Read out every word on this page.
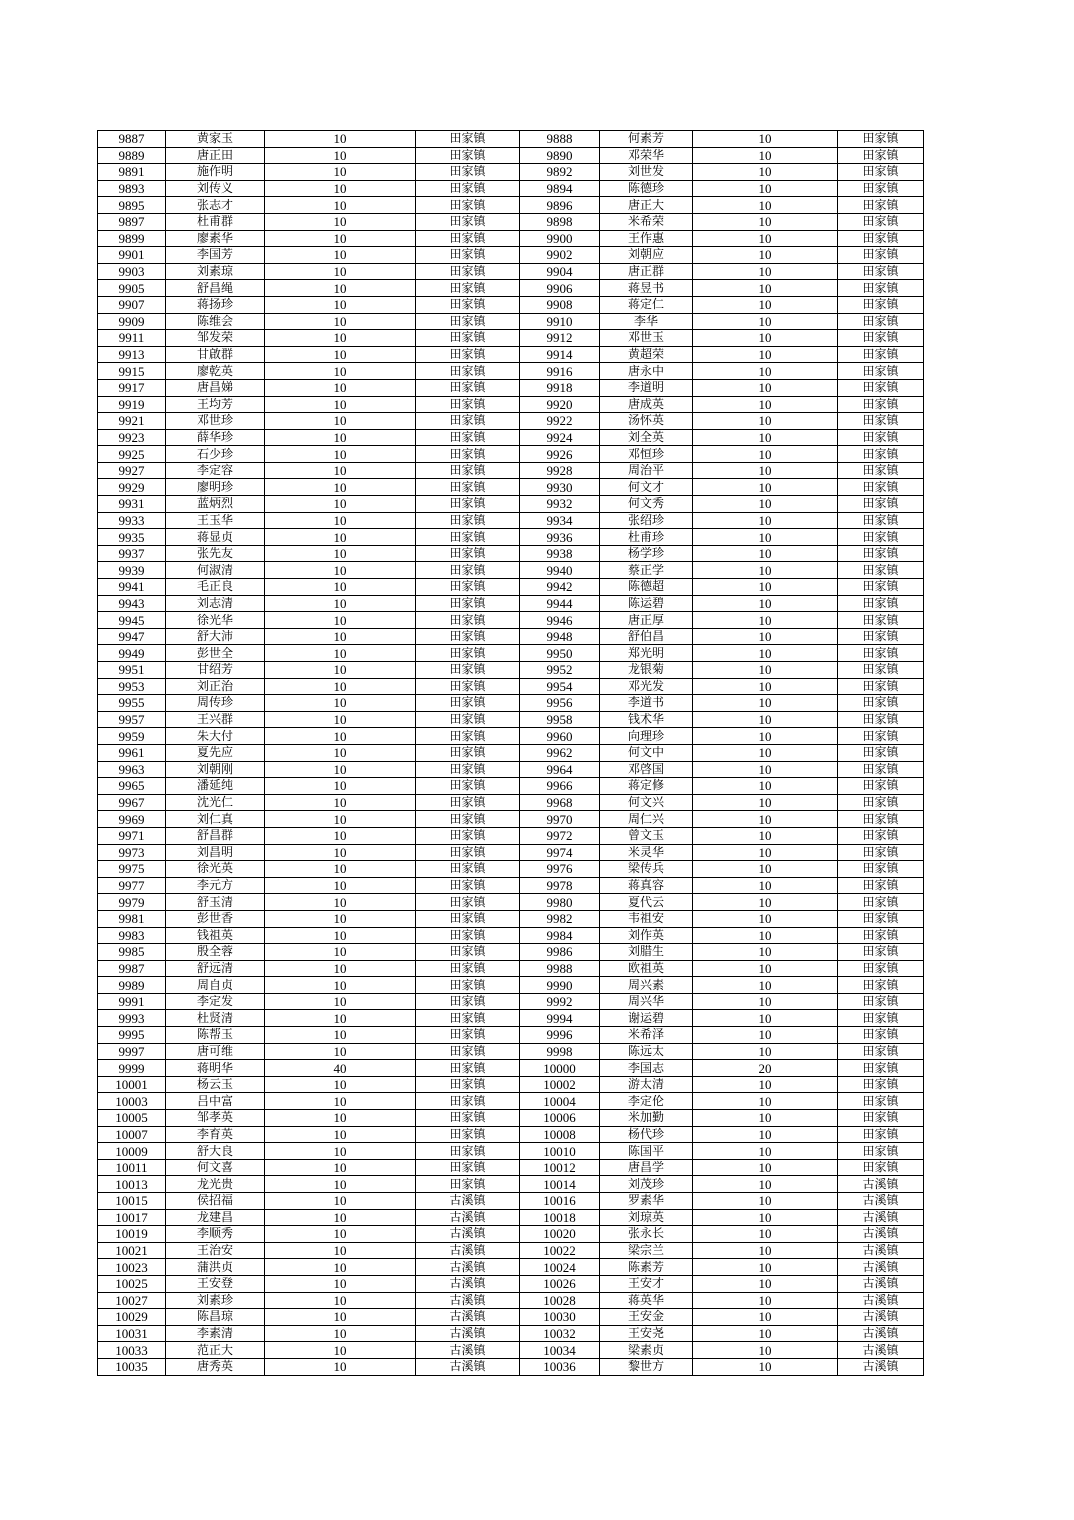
9887	黄家玉	10	田家镇	9888	何素芳	10	田家镇
9889	唐正田	10	田家镇	9890	邓荣华	10	田家镇
9891	施作明	10	田家镇	9892	刘世发	10	田家镇
9893	刘传义	10	田家镇	9894	陈德珍	10	田家镇
9895	张志才	10	田家镇	9896	唐正大	10	田家镇
9897	杜甫群	10	田家镇	9898	米希荣	10	田家镇
9899	廖素华	10	田家镇	9900	王作惠	10	田家镇
9901	李国芳	10	田家镇	9902	刘朝应	10	田家镇
9903	刘素琼	10	田家镇	9904	唐正群	10	田家镇
9905	舒昌绳	10	田家镇	9906	蒋昱书	10	田家镇
9907	蒋扬珍	10	田家镇	9908	蒋定仁	10	田家镇
9909	陈维会	10	田家镇	9910	李华	10	田家镇
9911	邹发荣	10	田家镇	9912	邓世玉	10	田家镇
9913	甘啟群	10	田家镇	9914	黄超荣	10	田家镇
9915	廖乾英	10	田家镇	9916	唐永中	10	田家镇
9917	唐昌娣	10	田家镇	9918	李道明	10	田家镇
9919	王均芳	10	田家镇	9920	唐成英	10	田家镇
9921	邓世珍	10	田家镇	9922	汤怀英	10	田家镇
9923	薛华珍	10	田家镇	9924	刘全英	10	田家镇
9925	石少珍	10	田家镇	9926	邓恒珍	10	田家镇
9927	李定容	10	田家镇	9928	周治平	10	田家镇
9929	廖明珍	10	田家镇	9930	何文才	10	田家镇
9931	蓝炳烈	10	田家镇	9932	何文秀	10	田家镇
9933	王玉华	10	田家镇	9934	张绍珍	10	田家镇
9935	蒋显贞	10	田家镇	9936	杜甫珍	10	田家镇
9937	张先友	10	田家镇	9938	杨学珍	10	田家镇
9939	何淑清	10	田家镇	9940	蔡正学	10	田家镇
9941	毛正良	10	田家镇	9942	陈德超	10	田家镇
9943	刘志清	10	田家镇	9944	陈运碧	10	田家镇
9945	徐光华	10	田家镇	9946	唐正厚	10	田家镇
9947	舒大沛	10	田家镇	9948	舒伯昌	10	田家镇
9949	彭世全	10	田家镇	9950	郑光明	10	田家镇
9951	甘绍芳	10	田家镇	9952	龙银菊	10	田家镇
9953	刘正治	10	田家镇	9954	邓光发	10	田家镇
9955	周传珍	10	田家镇	9956	李道书	10	田家镇
9957	王兴群	10	田家镇	9958	钱术华	10	田家镇
9959	朱大付	10	田家镇	9960	向理珍	10	田家镇
9961	夏先应	10	田家镇	9962	何文中	10	田家镇
9963	刘朝刚	10	田家镇	9964	邓啓国	10	田家镇
9965	潘延纯	10	田家镇	9966	蒋定修	10	田家镇
9967	沈光仁	10	田家镇	9968	何文兴	10	田家镇
9969	刘仁真	10	田家镇	9970	周仁兴	10	田家镇
9971	舒昌群	10	田家镇	9972	曾文玉	10	田家镇
9973	刘昌明	10	田家镇	9974	米灵华	10	田家镇
9975	徐光英	10	田家镇	9976	梁传兵	10	田家镇
9977	李元方	10	田家镇	9978	蒋真容	10	田家镇
9979	舒玉清	10	田家镇	9980	夏代云	10	田家镇
9981	彭世香	10	田家镇	9982	韦祖安	10	田家镇
9983	钱祖英	10	田家镇	9984	刘作英	10	田家镇
9985	殷全蓉	10	田家镇	9986	刘腊生	10	田家镇
9987	舒远清	10	田家镇	9988	欧祖英	10	田家镇
9989	周自贞	10	田家镇	9990	周兴素	10	田家镇
9991	李定发	10	田家镇	9992	周兴华	10	田家镇
9993	杜贤清	10	田家镇	9994	谢运碧	10	田家镇
9995	陈帮玉	10	田家镇	9996	米希泽	10	田家镇
9997	唐可维	10	田家镇	9998	陈远太	10	田家镇
9999	蒋明华	40	田家镇	10000	李国志	20	田家镇
10001	杨云玉	10	田家镇	10002	游太清	10	田家镇
10003	吕中富	10	田家镇	10004	李定伦	10	田家镇
10005	邹孝英	10	田家镇	10006	米加勤	10	田家镇
10007	李育英	10	田家镇	10008	杨代珍	10	田家镇
10009	舒大良	10	田家镇	10010	陈国平	10	田家镇
10011	何文喜	10	田家镇	10012	唐昌学	10	田家镇
10013	龙光贵	10	田家镇	10014	刘茂珍	10	古溪镇
10015	侯招福	10	古溪镇	10016	罗素华	10	古溪镇
10017	龙建昌	10	古溪镇	10018	刘琼英	10	古溪镇
10019	李顺秀	10	古溪镇	10020	张永长	10	古溪镇
10021	王治安	10	古溪镇	10022	梁宗兰	10	古溪镇
10023	蒲洪贞	10	古溪镇	10024	陈素芳	10	古溪镇
10025	王安登	10	古溪镇	10026	王安才	10	古溪镇
10027	刘素珍	10	古溪镇	10028	蒋英华	10	古溪镇
10029	陈昌琼	10	古溪镇	10030	王安金	10	古溪镇
10031	李素清	10	古溪镇	10032	王安尧	10	古溪镇
10033	范正大	10	古溪镇	10034	梁素贞	10	古溪镇
10035	唐秀英	10	古溪镇	10036	黎世方	10	古溪镇
